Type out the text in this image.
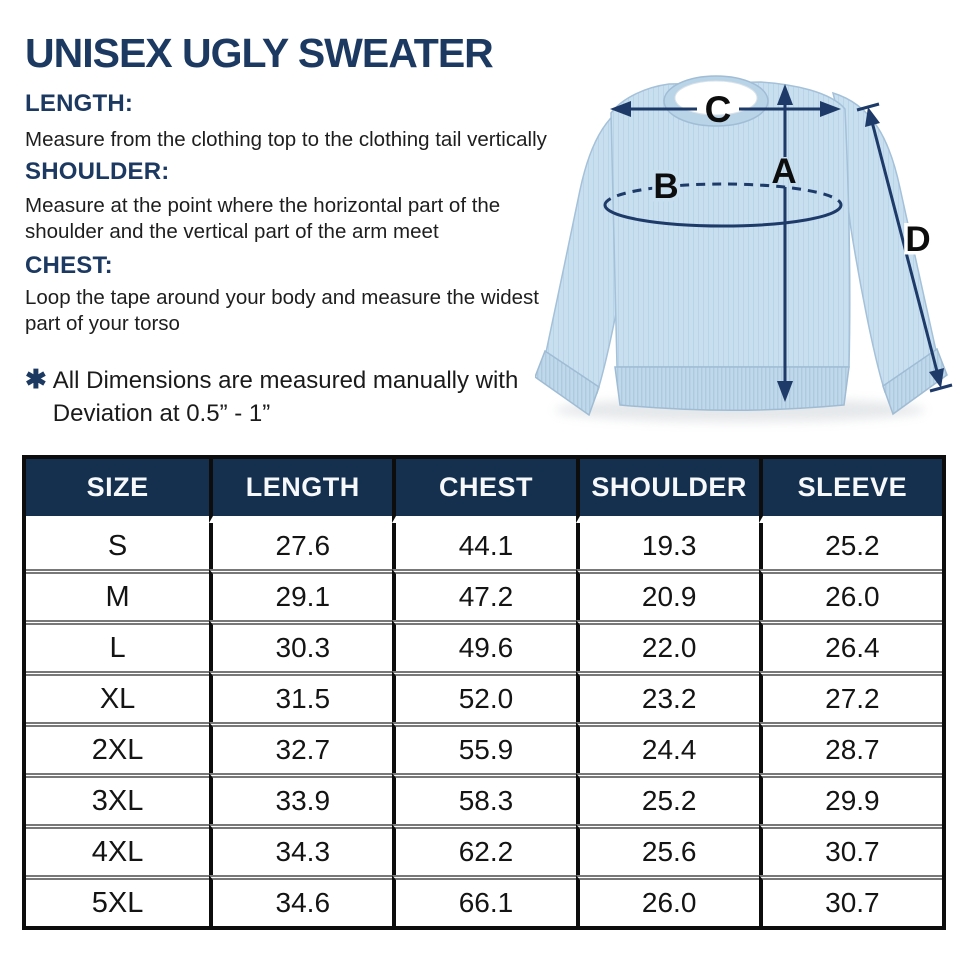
UNISEX UGLY SWEATER
LENGTH:
Measure from the clothing top to the clothing tail vertically
SHOULDER:
Measure at the point where the horizontal part of the
shoulder and the vertical part of the arm meet
CHEST:
Loop the tape around your body and measure the widest
part of your torso
✱ All Dimensions are measured manually with
Deviation at 0.5” - 1”
C
A
B
D
SIZE	LENGTH	CHEST	SHOULDER	SLEEVE
S	27.6	44.1	19.3	25.2
M	29.1	47.2	20.9	26.0
L	30.3	49.6	22.0	26.4
XL	31.5	52.0	23.2	27.2
2XL	32.7	55.9	24.4	28.7
3XL	33.9	58.3	25.2	29.9
4XL	34.3	62.2	25.6	30.7
5XL	34.6	66.1	26.0	30.7
